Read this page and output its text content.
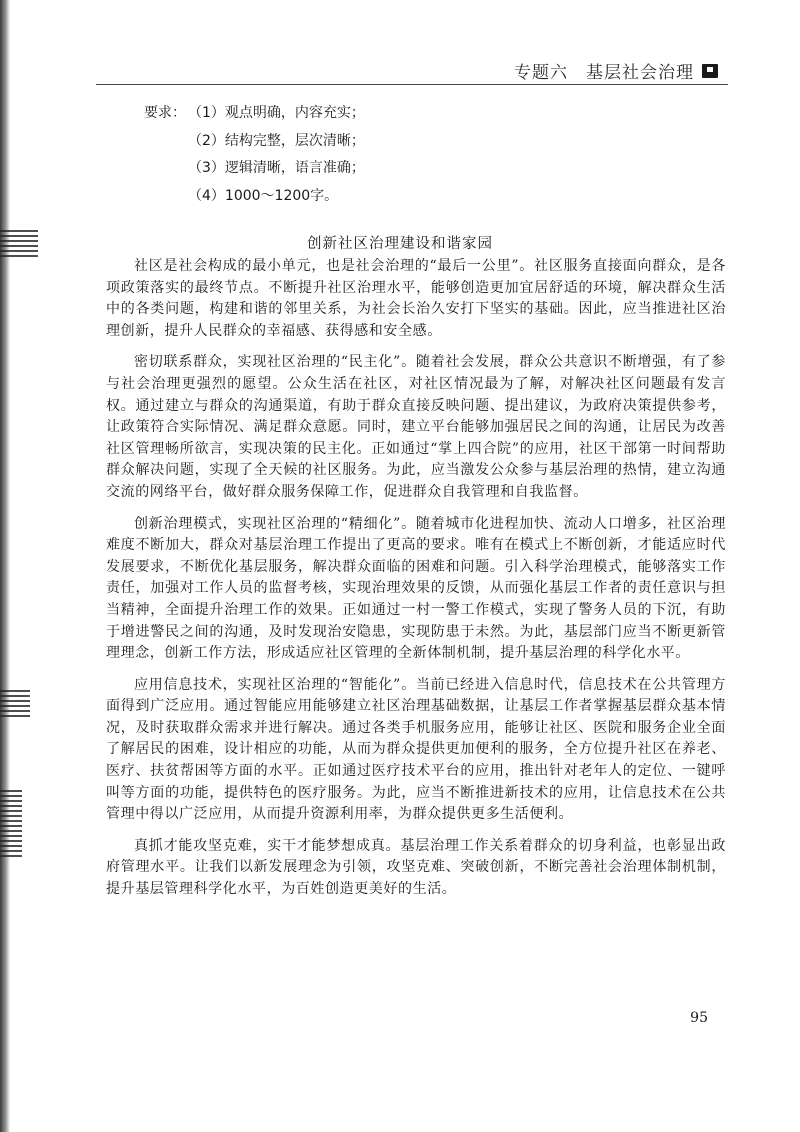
专题六　基层社会治理
要求： （1）观点明确，内容充实；
（2）结构完整，层次清晰；
（3）逻辑清晰，语言准确；
（4）1000～1200字。
创新社区治理建设和谐家园

社区是社会构成的最小单元，也是社会治理的“最后一公里”。社区服务直接面向群众，是各项政策落实的最终节点。不断提升社区治理水平，能够创造更加宜居舒适的环境，解决群众生活中的各类问题，构建和谐的邻里关系，为社会长治久安打下坚实的基础。因此，应当推进社区治理创新，提升人民群众的幸福感、获得感和安全感。

密切联系群众，实现社区治理的“民主化”。随着社会发展，群众公共意识不断增强，有了参与社会治理更强烈的愿望。公众生活在社区，对社区情况最为了解，对解决社区问题最有发言权。通过建立与群众的沟通渠道，有助于群众直接反映问题、提出建议，为政府决策提供参考，让政策符合实际情况、满足群众意愿。同时，建立平台能够加强居民之间的沟通，让居民为改善社区管理畅所欲言，实现决策的民主化。正如通过“掌上四合院”的应用，社区干部第一时间帮助群众解决问题，实现了全天候的社区服务。为此，应当激发公众参与基层治理的热情，建立沟通交流的网络平台，做好群众服务保障工作，促进群众自我管理和自我监督。

创新治理模式，实现社区治理的“精细化”。随着城市化进程加快、流动人口增多，社区治理难度不断加大，群众对基层治理工作提出了更高的要求。唯有在模式上不断创新，才能适应时代发展要求，不断优化基层服务，解决群众面临的困难和问题。引入科学治理模式，能够落实工作责任，加强对工作人员的监督考核，实现治理效果的反馈，从而强化基层工作者的责任意识与担当精神，全面提升治理工作的效果。正如通过一村一警工作模式，实现了警务人员的下沉，有助于增进警民之间的沟通，及时发现治安隐患，实现防患于未然。为此，基层部门应当不断更新管理理念，创新工作方法，形成适应社区管理的全新体制机制，提升基层治理的科学化水平。

应用信息技术，实现社区治理的“智能化”。当前已经进入信息时代，信息技术在公共管理方面得到广泛应用。通过智能应用能够建立社区治理基础数据，让基层工作者掌握基层群众基本情况，及时获取群众需求并进行解决。通过各类手机服务应用，能够让社区、医院和服务企业全面了解居民的困难，设计相应的功能，从而为群众提供更加便利的服务，全方位提升社区在养老、医疗、扶贫帮困等方面的水平。正如通过医疗技术平台的应用，推出针对老年人的定位、一键呼叫等方面的功能，提供特色的医疗服务。为此，应当不断推进新技术的应用，让信息技术在公共管理中得以广泛应用，从而提升资源利用率，为群众提供更多生活便利。

真抓才能攻坚克难，实干才能梦想成真。基层治理工作关系着群众的切身利益，也彰显出政府管理水平。让我们以新发展理念为引领，攻坚克难、突破创新，不断完善社会治理体制机制，提升基层管理科学化水平，为百姓创造更美好的生活。

95
